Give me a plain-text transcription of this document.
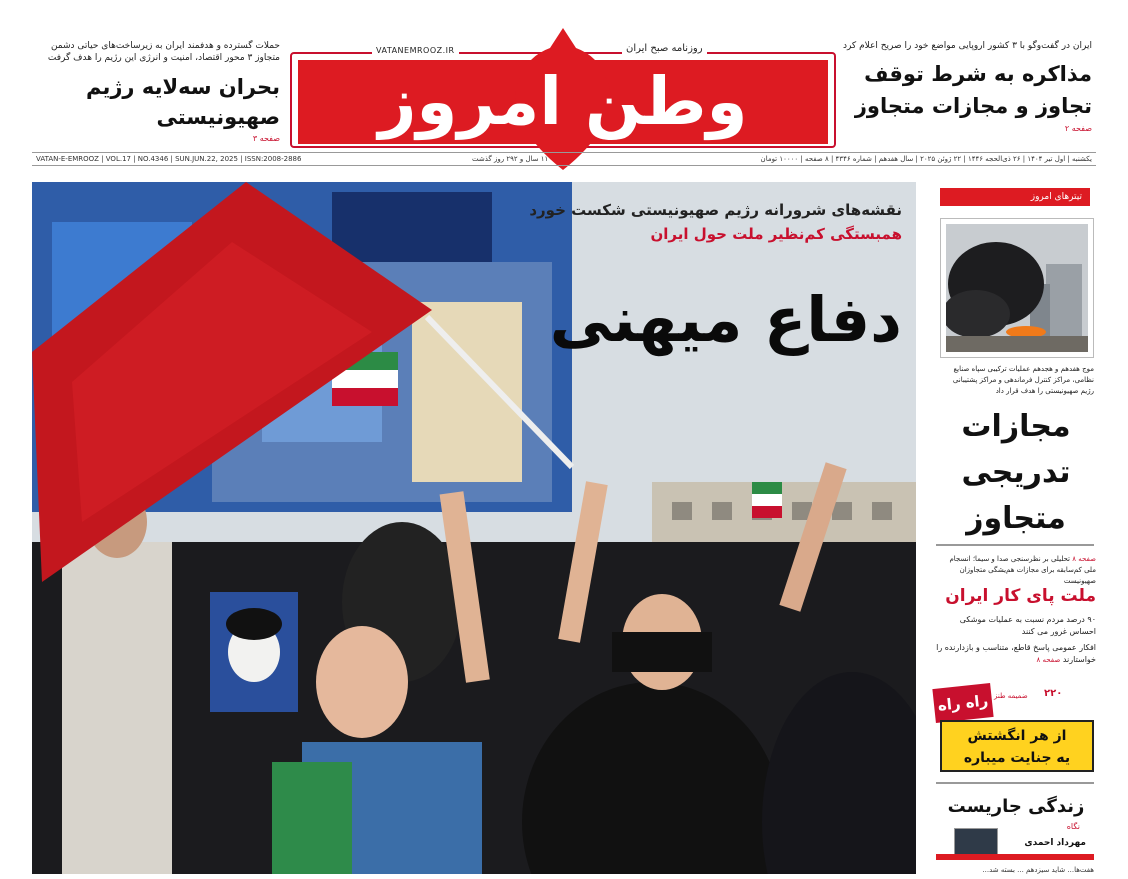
حملات گسترده و هدفمند ایران به زیرساخت‌های حیاتی دشمن متجاوز ۳ محور اقتصاد، امنیت و انرژی این رژیم را هدف گرفت
بحران سه‌لایه رژیم صهیونیستی
صفحه ۳	وطن امروز
VATANEMROOZ.IR	روزنامه صبح ایران	ایران در گفت‌وگو با ۳ کشور اروپایی مواضع خود را صریح اعلام کرد
مذاکره به شرط توقف تجاوز و مجازات متجاوز
صفحه ۲
VATAN-E-EMROOZ | VOL.17 | NO.4346 | SUN.JUN.22, 2025 | ISSN:2008-2886	۱۱ سال و ۲۹۲ روز گذشت	یکشنبه | اول تیر ۱۴۰۴ | ۲۶ ذی‌الحجه ۱۴۴۶ | ۲۲ ژوئن ۲۰۲۵ | سال هفدهم | شماره ۴۳۴۶ | ۸ صفحه | ۱۰۰۰۰ تومان
نقشه‌های شرورانه رژیم صهیونیستی شکست خورد
همبستگی کم‌نظیر ملت حول ایران
دفاع میهنی
تیترهای امروز
موج هفدهم و هجدهم عملیات ترکیبی سپاه صنایع نظامی، مراکز کنترل فرماندهی و مراکز پشتیبانی رژیم صهیونیستی را هدف قرار داد
مجازات تدریجی متجاوز
صفحه ۸ تحلیلی بر نظرسنجی صدا و سیما؛ انسجام ملی کم‌سابقه برای مجازات هم‌یشگی متجاوزان صهیونیست
ملت پای کار ایران
۹۰ درصد مردم نسبت به عملیات موشکی احساس غرور می کنند
افکار عمومی پاسخ قاطع، متناسب و بازدارنده را خواستارند صفحه ۸
راه راه ضمیمه طنز ۲۲۰
از هر انگشتش
یه جنایت میباره
زندگی جاریست
نگاه
مهرداد احمدی
هفت‌ها... شاید سیزدهم ... بسته شد...
